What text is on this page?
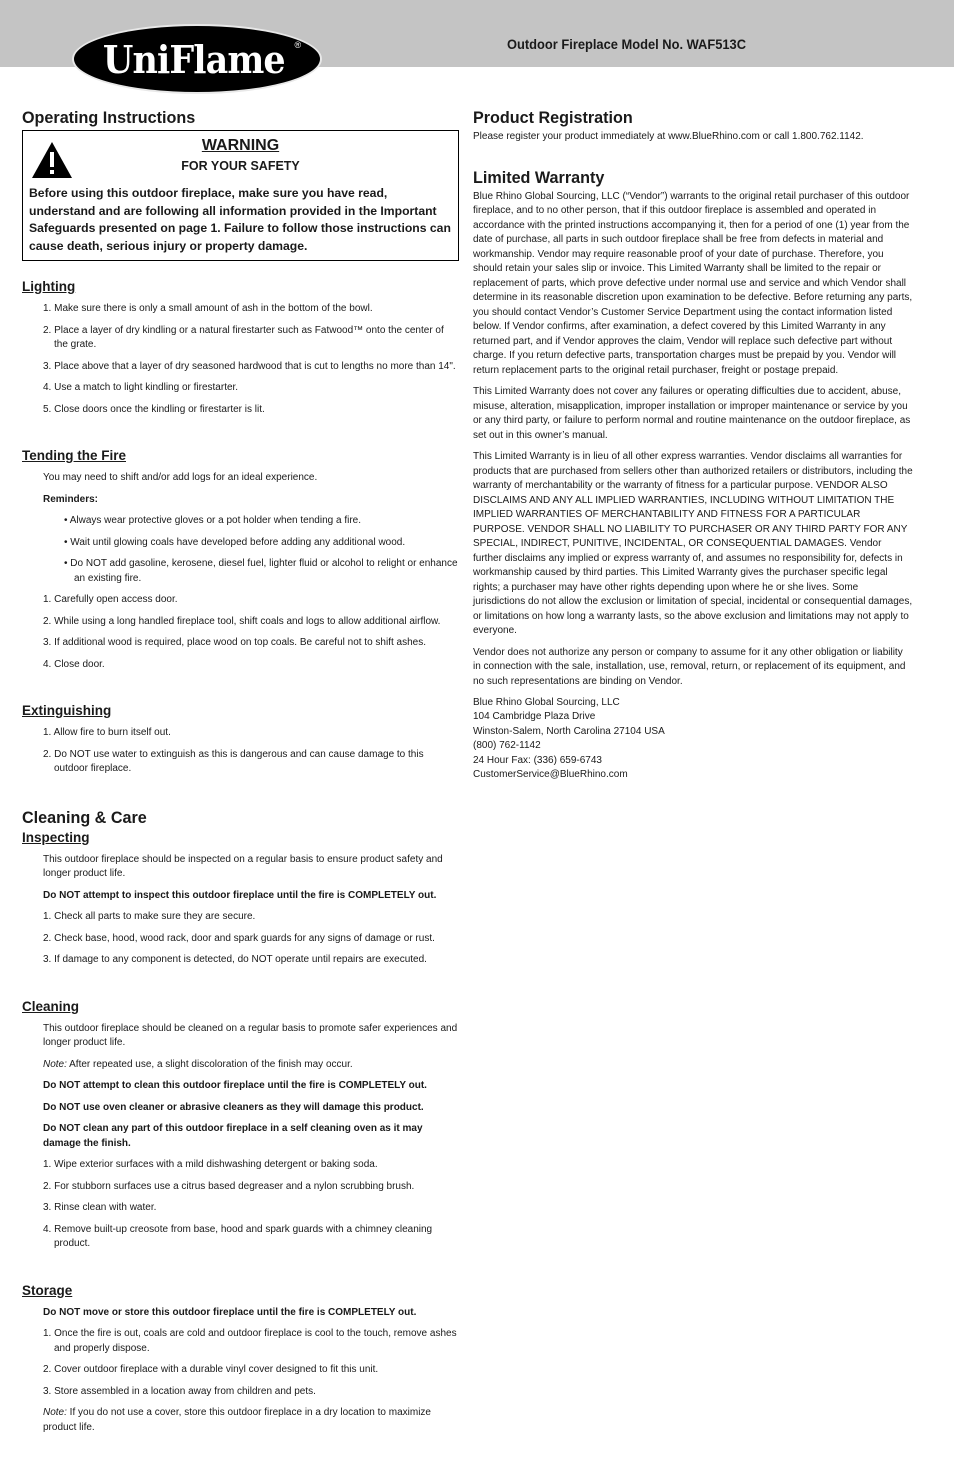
UniFlame ®	Outdoor Fireplace Model No. WAF513C
Operating Instructions
WARNING
FOR YOUR SAFETY
Before using this outdoor fireplace, make sure you have read, understand and are following all information provided in the Important Safeguards presented on page 1. Failure to follow those instructions can cause death, serious injury or property damage.
Lighting
1. Make sure there is only a small amount of ash in the bottom of the bowl.
2. Place a layer of dry kindling or a natural firestarter such as Fatwood™ onto the center of the grate.
3. Place above that a layer of dry seasoned hardwood that is cut to lengths no more than 14".
4. Use a match to light kindling or firestarter.
5. Close doors once the kindling or firestarter is lit.
Tending the Fire
You may need to shift and/or add logs for an ideal experience.
Reminders:
• Always wear protective gloves or a pot holder when tending a fire.
• Wait until glowing coals have developed before adding any additional wood.
• Do NOT add gasoline, kerosene, diesel fuel, lighter fluid or alcohol to relight or enhance an existing fire.
1. Carefully open access door.
2. While using a long handled fireplace tool, shift coals and logs to allow additional airflow.
3. If additional wood is required, place wood on top coals. Be careful not to shift ashes.
4. Close door.
Extinguishing
1. Allow fire to burn itself out.
2. Do NOT use water to extinguish as this is dangerous and can cause damage to this outdoor fireplace.
Cleaning & Care
Inspecting
This outdoor fireplace should be inspected on a regular basis to ensure product safety and longer product life.
Do NOT attempt to inspect this outdoor fireplace until the fire is COMPLETELY out.
1. Check all parts to make sure they are secure.
2. Check base, hood, wood rack, door and spark guards for any signs of damage or rust.
3. If damage to any component is detected, do NOT operate until repairs are executed.
Cleaning
This outdoor fireplace should be cleaned on a regular basis to promote safer experiences and longer product life.
Note: After repeated use, a slight discoloration of the finish may occur.
Do NOT attempt to clean this outdoor fireplace until the fire is COMPLETELY out.
Do NOT use oven cleaner or abrasive cleaners as they will damage this product.
Do NOT clean any part of this outdoor fireplace in a self cleaning oven as it may damage the finish.
1. Wipe exterior surfaces with a mild dishwashing detergent or baking soda.
2. For stubborn surfaces use a citrus based degreaser and a nylon scrubbing brush.
3. Rinse clean with water.
4. Remove built-up creosote from base, hood and spark guards with a chimney cleaning product.
Storage
Do NOT move or store this outdoor fireplace until the fire is COMPLETELY out.
1. Once the fire is out, coals are cold and outdoor fireplace is cool to the touch, remove ashes and properly dispose.
2. Cover outdoor fireplace with a durable vinyl cover designed to fit this unit.
3. Store assembled in a location away from children and pets.
Note: If you do not use a cover, store this outdoor fireplace in a dry location to maximize product life.
Product Registration
Please register your product immediately at www.BlueRhino.com or call 1.800.762.1142.
Limited Warranty
Blue Rhino Global Sourcing, LLC (“Vendor”) warrants to the original retail purchaser of this outdoor fireplace, and to no other person, that if this outdoor fireplace is assembled and operated in accordance with the printed instructions accompanying it, then for a period of one (1) year from the date of purchase, all parts in such outdoor fireplace shall be free from defects in material and workmanship. Vendor may require reasonable proof of your date of purchase. Therefore, you should retain your sales slip or invoice. This Limited Warranty shall be limited to the repair or replacement of parts, which prove defective under normal use and service and which Vendor shall determine in its reasonable discretion upon examination to be defective. Before returning any parts, you should contact Vendor’s Customer Service Department using the contact information listed below. If Vendor confirms, after examination, a defect covered by this Limited Warranty in any returned part, and if Vendor approves the claim, Vendor will replace such defective part without charge. If you return defective parts, transportation charges must be prepaid by you. Vendor will return replacement parts to the original retail purchaser, freight or postage prepaid.
This Limited Warranty does not cover any failures or operating difficulties due to accident, abuse, misuse, alteration, misapplication, improper installation or improper maintenance or service by you or any third party, or failure to perform normal and routine maintenance on the outdoor fireplace, as set out in this owner’s manual.
This Limited Warranty is in lieu of all other express warranties. Vendor disclaims all warranties for products that are purchased from sellers other than authorized retailers or distributors, including the warranty of merchantability or the warranty of fitness for a particular purpose. VENDOR ALSO DISCLAIMS AND ANY ALL IMPLIED WARRANTIES, INCLUDING WITHOUT LIMITATION THE IMPLIED WARRANTIES OF MERCHANTABILITY AND FITNESS FOR A PARTICULAR PURPOSE. VENDOR SHALL NO LIABILITY TO PURCHASER OR ANY THIRD PARTY FOR ANY SPECIAL, INDIRECT, PUNITIVE, INCIDENTAL, OR CONSEQUENTIAL DAMAGES. Vendor further disclaims any implied or express warranty of, and assumes no responsibility for, defects in workmanship caused by third parties. This Limited Warranty gives the purchaser specific legal rights; a purchaser may have other rights depending upon where he or she lives. Some jurisdictions do not allow the exclusion or limitation of special, incidental or consequential damages, or limitations on how long a warranty lasts, so the above exclusion and limitations may not apply to everyone.
Vendor does not authorize any person or company to assume for it any other obligation or liability in connection with the sale, installation, use, removal, return, or replacement of its equipment, and no such representations are binding on Vendor.
Blue Rhino Global Sourcing, LLC
104 Cambridge Plaza Drive
Winston-Salem, North Carolina 27104 USA
(800) 762-1142
24 Hour Fax: (336) 659-6743
CustomerService@BlueRhino.com
